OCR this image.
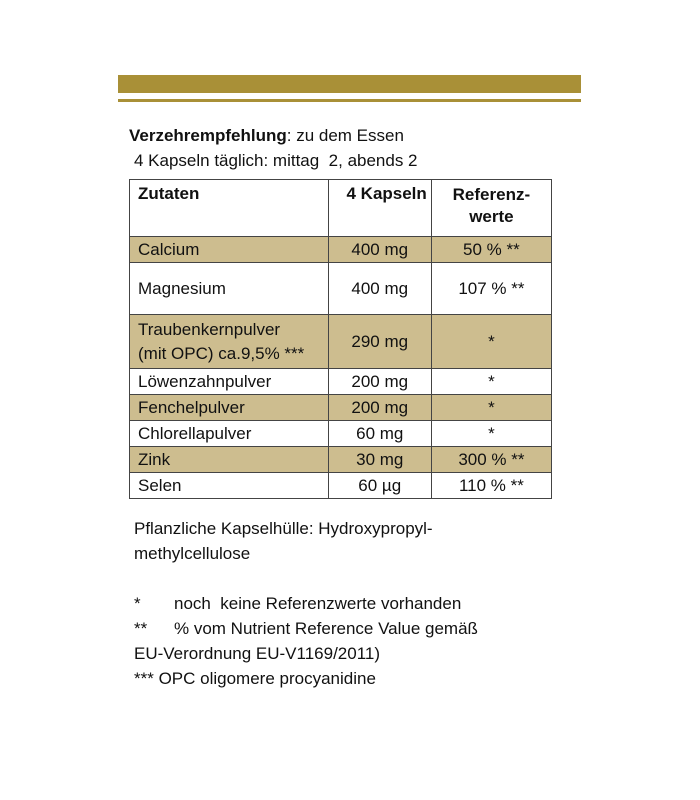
Verzehrempfehlung: zu dem Essen
4 Kapseln täglich: mittag  2, abends 2
Zutaten	4 Kapseln	Referenz-
werte
Calcium	400 mg	50 % **
Magnesium	400 mg	107 % **
Traubenkernpulver
(mit OPC) ca.9,5% ***	290 mg	*
Löwenzahnpulver	200 mg	*
Fenchelpulver	200 mg	*
Chlorellapulver	60 mg	*
Zink	30 mg	300 % **
Selen	60 µg	110 % **
Pflanzliche Kapselhülle: Hydroxypropyl-
methylcellulose
*	noch  keine Referenzwerte vorhanden
**	% vom Nutrient Reference Value gemäß
EU-Verordnung EU-V1169/2011)
*** OPC oligomere procyanidine
